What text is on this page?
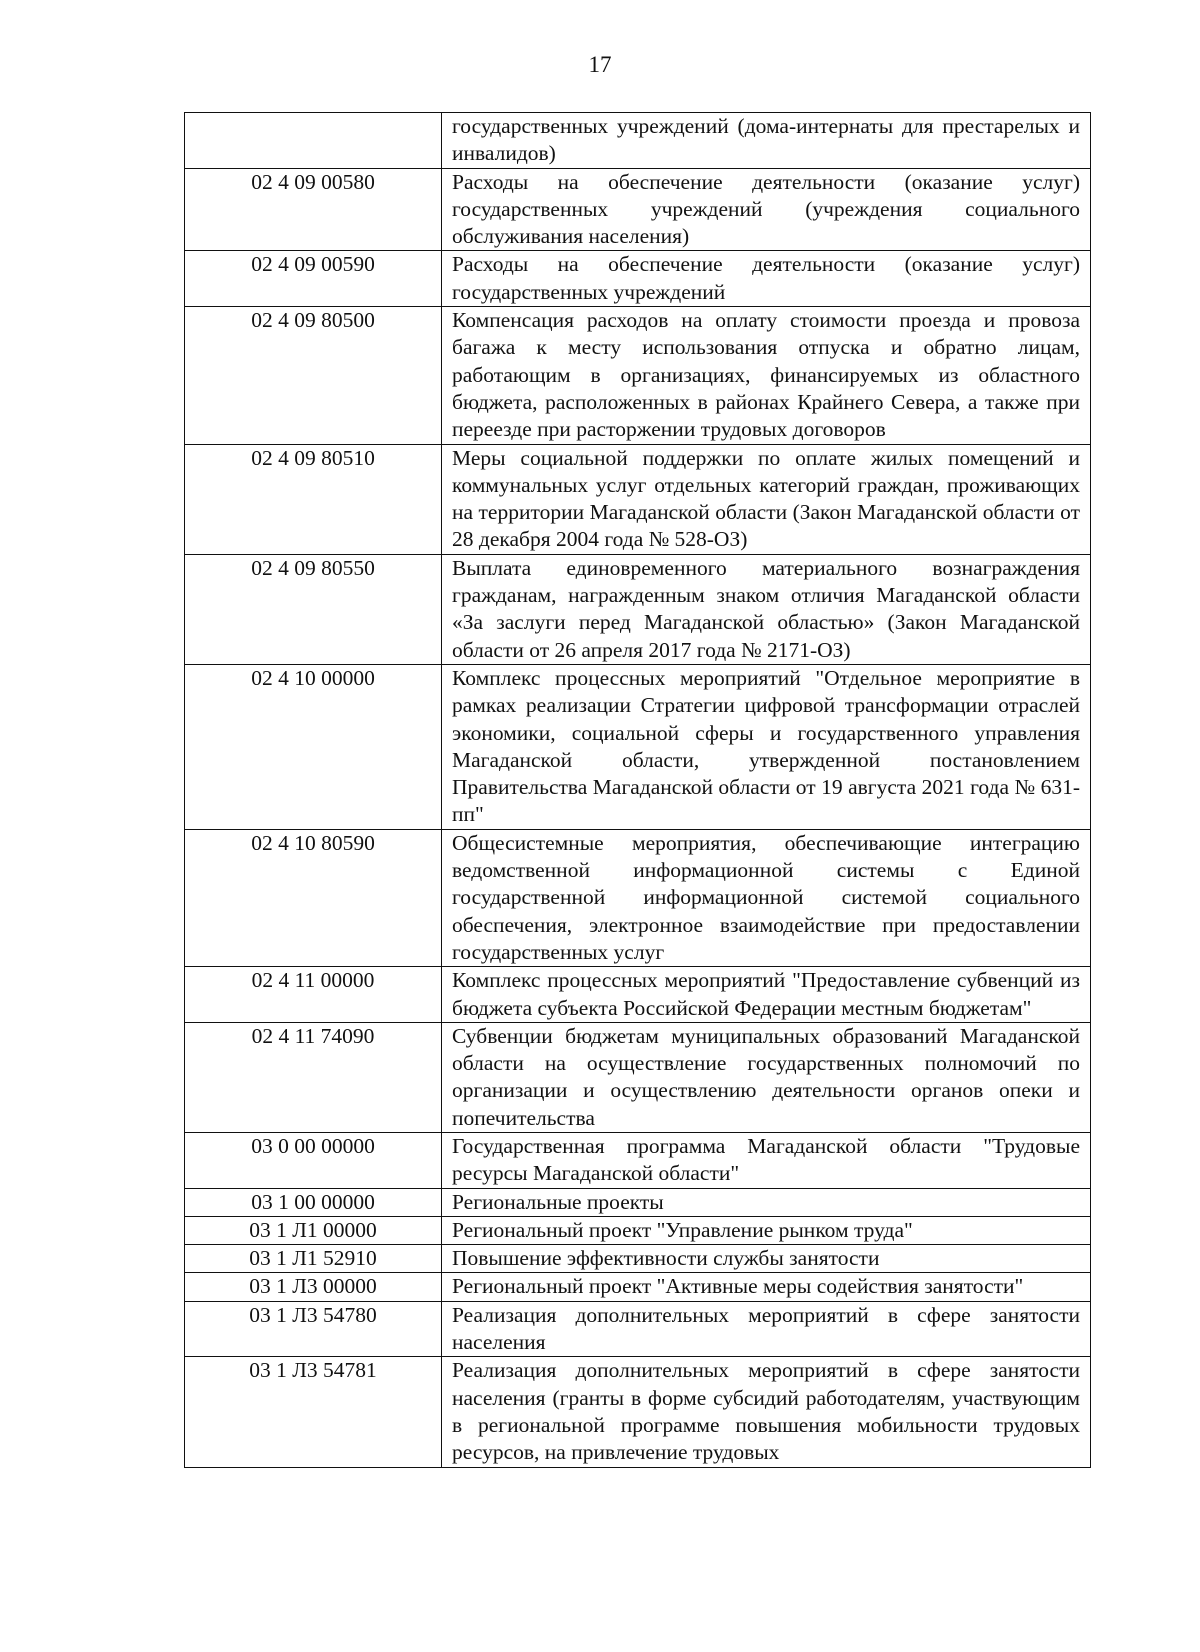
17
	государственных учреждений (дома-интернаты для престарелых и инвалидов)
02 4 09 00580	Расходы на обеспечение деятельности (оказание услуг) государственных учреждений (учреждения социального обслуживания населения)
02 4 09 00590	Расходы на обеспечение деятельности (оказание услуг) государственных учреждений
02 4 09 80500	Компенсация расходов на оплату стоимости проезда и провоза багажа к месту использования отпуска и обратно лицам, работающим в организациях, финансируемых из областного бюджета, расположенных в районах Крайнего Севера, а также при переезде при расторжении трудовых договоров
02 4 09 80510	Меры социальной поддержки по оплате жилых помещений и коммунальных услуг отдельных категорий граждан, проживающих на территории Магаданской области (Закон Магаданской области от 28 декабря 2004 года № 528-ОЗ)
02 4 09 80550	Выплата единовременного материального вознаграждения гражданам, награжденным знаком отличия Магаданской области «За заслуги перед Магаданской областью» (Закон Магаданской области от 26 апреля 2017 года № 2171-ОЗ)
02 4 10 00000	Комплекс процессных мероприятий "Отдельное мероприятие в рамках реализации Стратегии цифровой трансформации отраслей экономики, социальной сферы и государственного управления Магаданской области, утвержденной постановлением Правительства Магаданской области от 19 августа 2021 года № 631-пп"
02 4 10 80590	Общесистемные мероприятия, обеспечивающие интеграцию ведомственной информационной системы с Единой государственной информационной системой социального обеспечения, электронное взаимодействие при предоставлении государственных услуг
02 4 11 00000	Комплекс процессных мероприятий "Предоставление субвенций из бюджета субъекта Российской Федерации местным бюджетам"
02 4 11 74090	Субвенции бюджетам муниципальных образований Магаданской области на осуществление государственных полномочий по организации и осуществлению деятельности органов опеки и попечительства
03 0 00 00000	Государственная программа Магаданской области "Трудовые ресурсы Магаданской области"
03 1 00 00000	Региональные проекты
03 1 Л1 00000	Региональный проект "Управление рынком труда"
03 1 Л1 52910	Повышение эффективности службы занятости
03 1 Л3 00000	Региональный проект "Активные меры содействия занятости"
03 1 Л3 54780	Реализация дополнительных мероприятий в сфере занятости населения
03 1 Л3 54781	Реализация дополнительных мероприятий в сфере занятости населения (гранты в форме субсидий работодателям, участвующим в региональной программе повышения мобильности трудовых ресурсов, на привлечение трудовых
